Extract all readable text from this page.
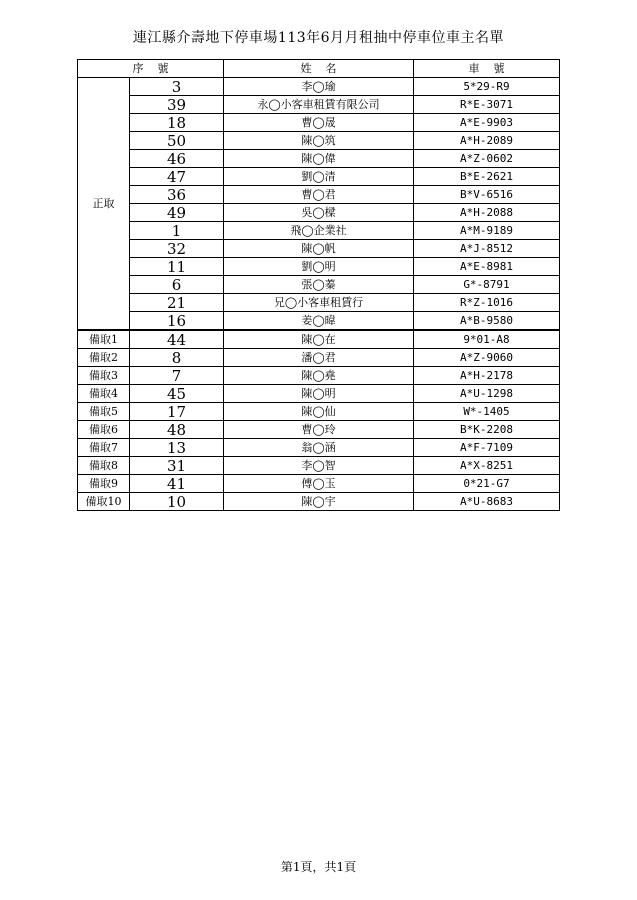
連江縣介壽地下停車場113年6月月租抽中停車位車主名單
序號		姓名	車號
正取	3	李◯瑜	5*29-R9
	39	永◯小客車租賃有限公司	R*E-3071
	18	曹◯晟	A*E-9903
	50	陳◯筑	A*H-2089
	46	陳◯偉	A*Z-0602
	47	劉◯清	B*E-2621
	36	曹◯君	B*V-6516
	49	吳◯樑	A*H-2088
	1	飛◯企業社	A*M-9189
	32	陳◯帆	A*J-8512
	11	劉◯明	A*E-8981
	6	張◯蓁	G*-8791
	21	兄◯小客車租賃行	R*Z-1016
	16	姜◯暐	A*B-9580
備取1	44	陳◯在	9*01-A8
備取2	8	潘◯君	A*Z-9060
備取3	7	陳◯堯	A*H-2178
備取4	45	陳◯明	A*U-1298
備取5	17	陳◯仙	W*-1405
備取6	48	曹◯玲	B*K-2208
備取7	13	翁◯涵	A*F-7109
備取8	31	李◯智	A*X-8251
備取9	41	傅◯玉	0*21-G7
備取10	10	陳◯宇	A*U-8683
第1頁，共1頁
